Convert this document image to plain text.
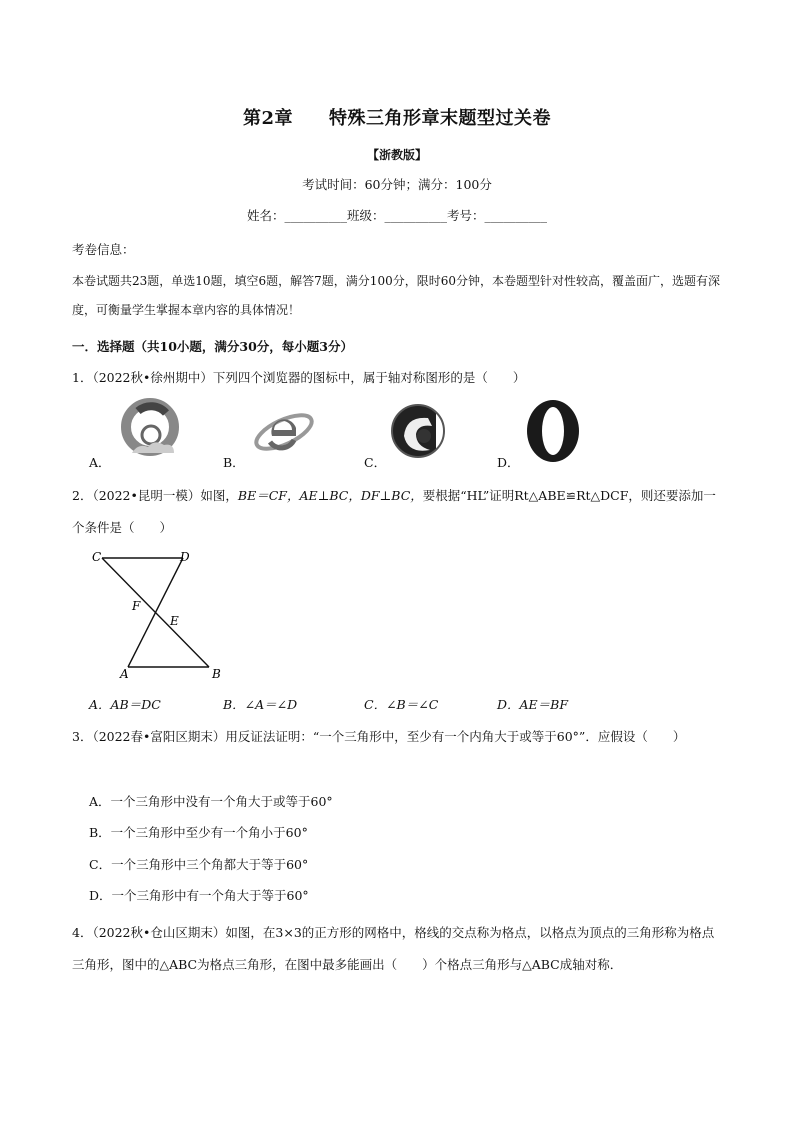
第2章 特殊三角形章末题型过关卷
【浙教版】
考试时间：60分钟；满分：100分
姓名：__________班级：__________考号：__________
考卷信息：
本卷试题共23题，单选10题，填空6题，解答7题，满分100分，限时60分钟，本卷题型针对性较高，覆盖面广，选题有深度，可衡量学生掌握本章内容的具体情况！
一．选择题（共10小题，满分30分，每小题3分）
1．（2022秋•徐州期中）下列四个浏览器的图标中，属于轴对称图形的是（　　）
A．	B．	C．	D．
2．（2022•昆明一模）如图，BE＝CF，AE⊥BC，DF⊥BC，要根据“HL”证明Rt△ABE≌Rt△DCF，则还要添加一个条件是（　　）
C	D
F
E
A	B
A．AB＝DC	B．∠A＝∠D	C．∠B＝∠C	D．AE＝BF
3．（2022春•富阳区期末）用反证法证明：“一个三角形中，至少有一个内角大于或等于60°”．应假设（　　）
A．一个三角形中没有一个角大于或等于60°
B．一个三角形中至少有一个角小于60°
C．一个三角形中三个角都大于等于60°
D．一个三角形中有一个角大于等于60°
4．（2022秋•仓山区期末）如图，在3×3的正方形的网格中，格线的交点称为格点，以格点为顶点的三角形称为格点三角形，图中的△ABC为格点三角形，在图中最多能画出（　　）个格点三角形与△ABC成轴对称．
